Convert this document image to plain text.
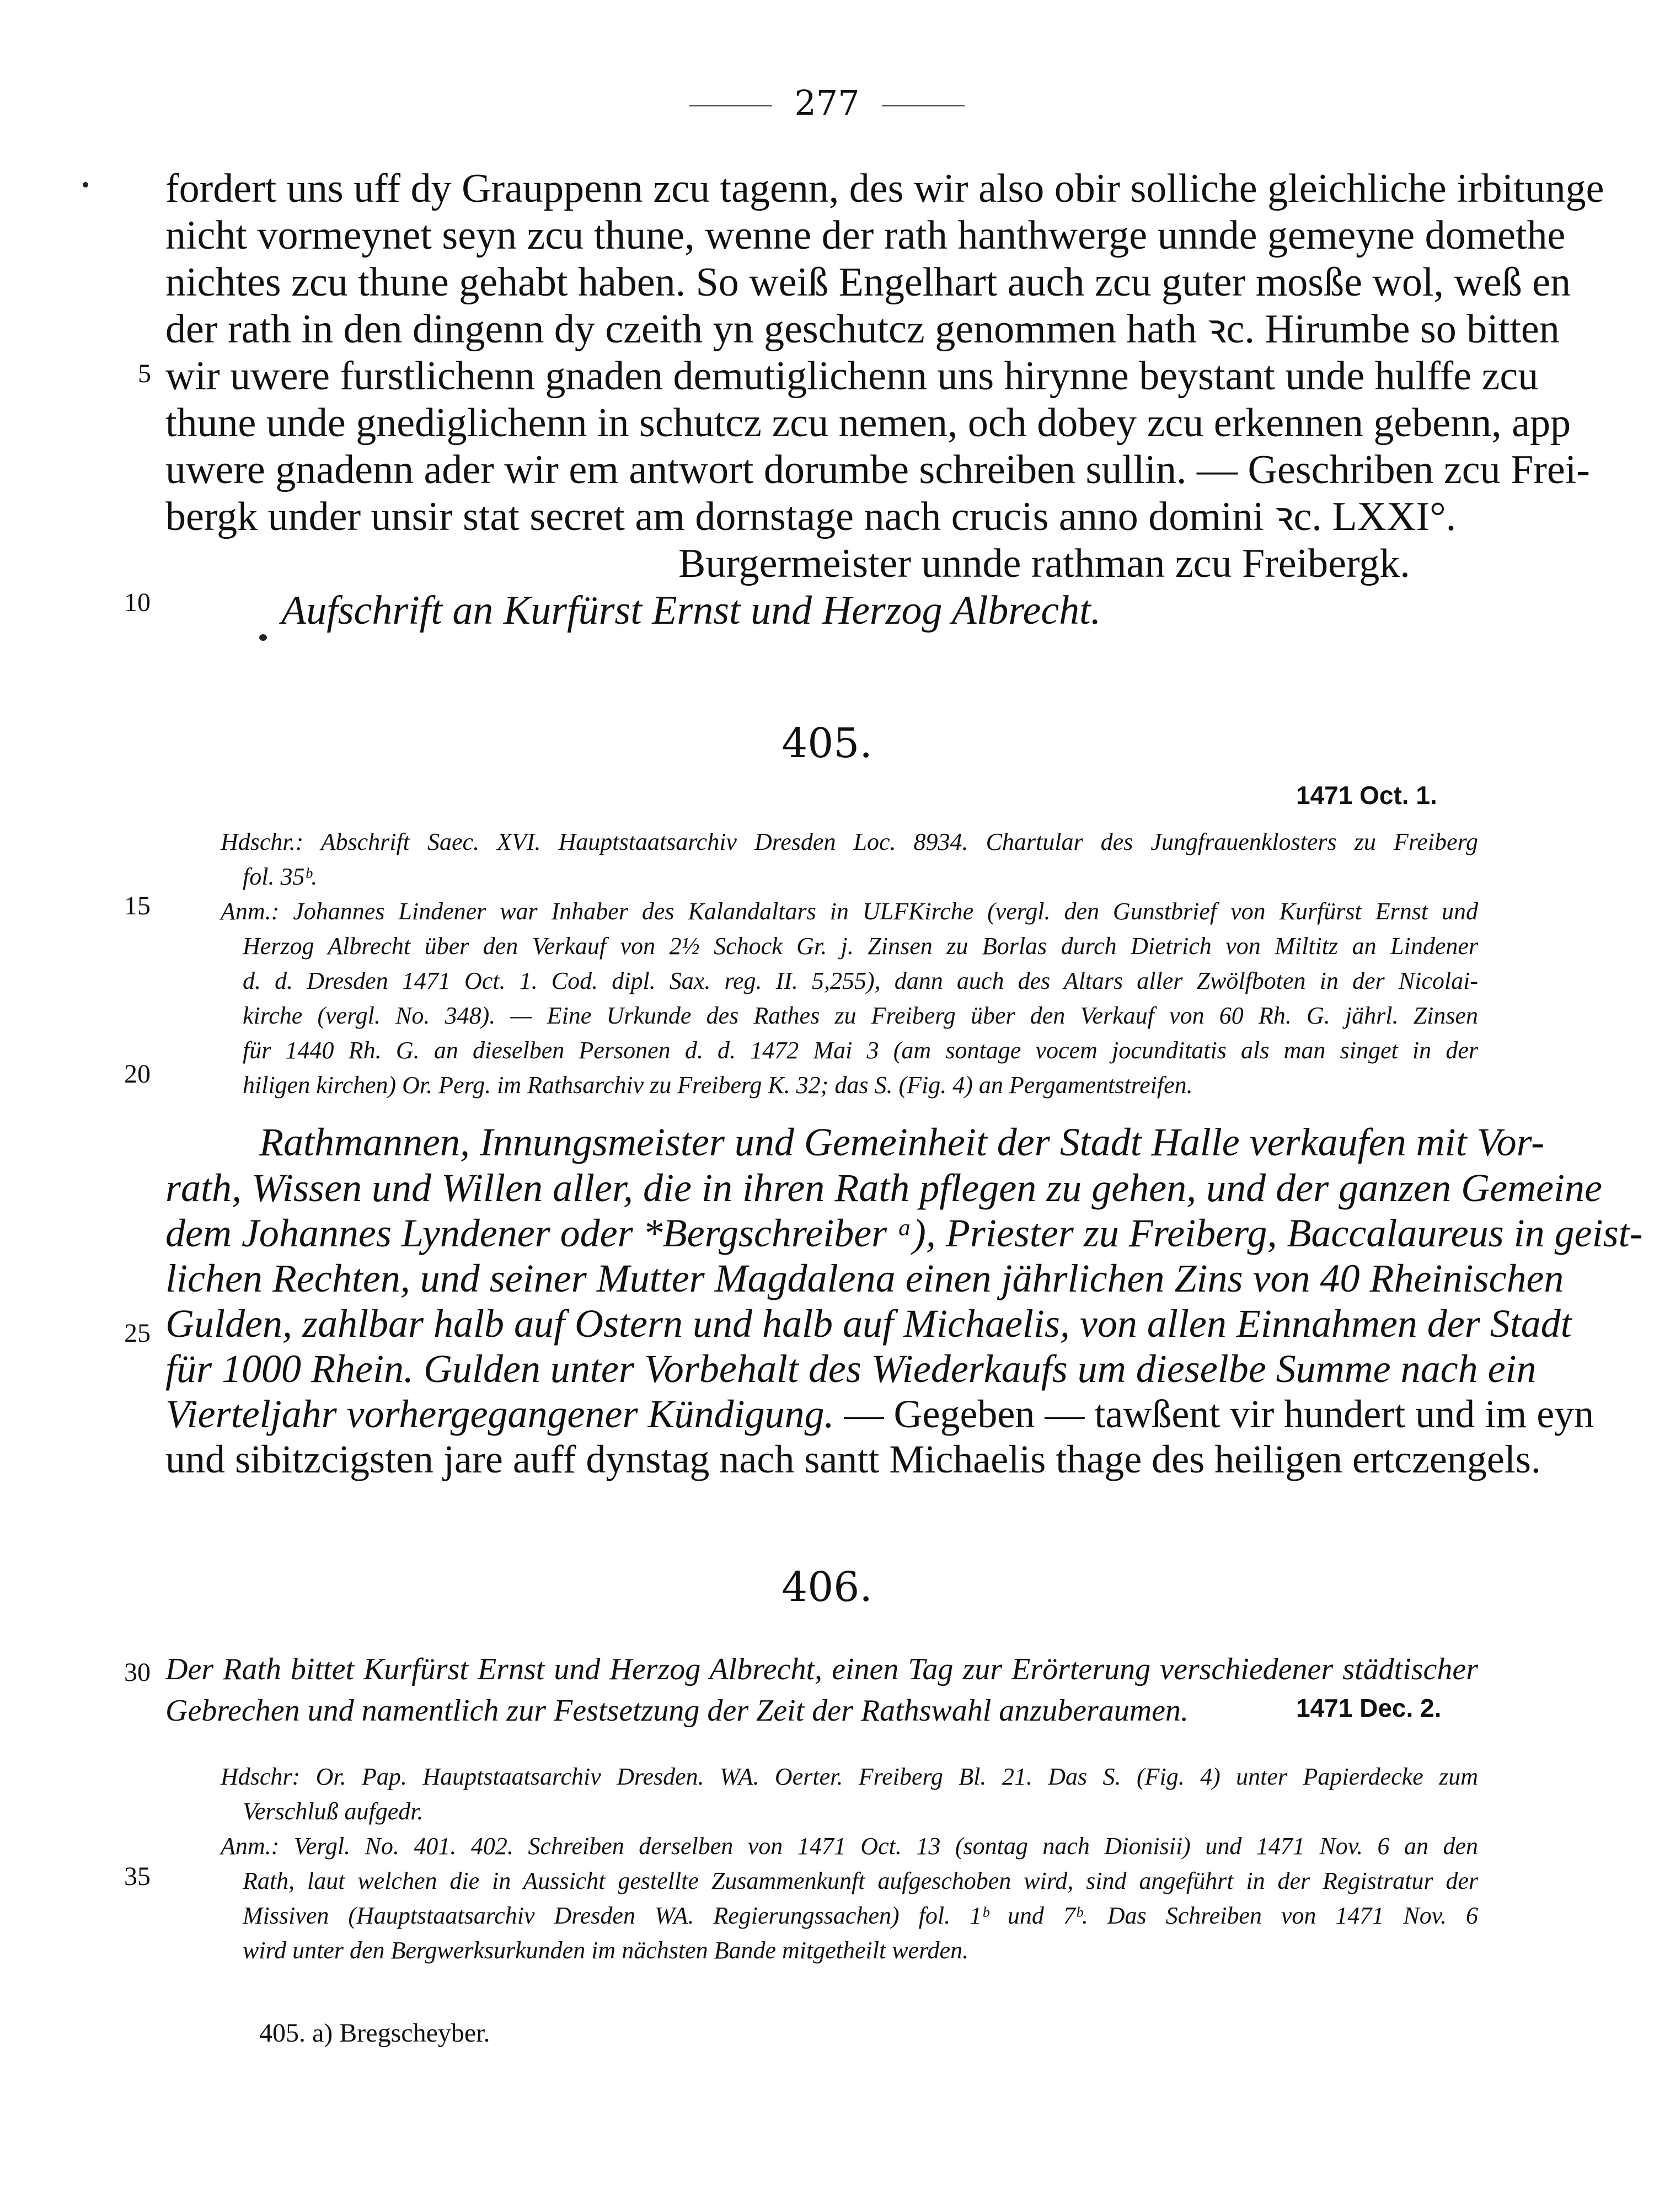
277
fordert uns uff dy Grauppenn zcu tagenn, des wir also obir solliche gleichliche irbitunge
nicht vormeynet seyn zcu thune, wenne der rath hanthwerge unnde gemeyne domethe
nichtes zcu thune gehabt haben. So weiß Engelhart auch zcu guter mosße wol, weß en
der rath in den dingenn dy czeith yn geschutcz genommen hath ꝛc. Hirumbe so bitten
wir uwere furstlichenn gnaden demutiglichenn uns hirynne beystant unde hulffe zcu
thune unde gnediglichenn in schutcz zcu nemen, och dobey zcu erkennen gebenn, app
uwere gnadenn ader wir em antwort dorumbe schreiben sullin. — Geschriben zcu Frei-
bergk under unsir stat secret am dornstage nach crucis anno domini ꝛc. LXXI°.
Burgermeister unnde rathman zcu Freibergk.
Aufschrift an Kurfürst Ernst und Herzog Albrecht.
5
10
15
20
25
30
35
405.
1471 Oct. 1.
Hdschr.: Abschrift Saec. XVI. Hauptstaatsarchiv Dresden Loc. 8934. Chartular des Jungfrauenklosters zu Freiberg
fol. 35ᵇ.
Anm.: Johannes Lindener war Inhaber des Kalandaltars in ULFKirche (vergl. den Gunstbrief von Kurfürst Ernst und
Herzog Albrecht über den Verkauf von 2½ Schock Gr. j. Zinsen zu Borlas durch Dietrich von Miltitz an Lindener
d. d. Dresden 1471 Oct. 1. Cod. dipl. Sax. reg. II. 5,255), dann auch des Altars aller Zwölfboten in der Nicolai-
kirche (vergl. No. 348). — Eine Urkunde des Rathes zu Freiberg über den Verkauf von 60 Rh. G. jährl. Zinsen
für 1440 Rh. G. an dieselben Personen d. d. 1472 Mai 3 (am sontage vocem jocunditatis als man singet in der
hiligen kirchen) Or. Perg. im Rathsarchiv zu Freiberg K. 32; das S. (Fig. 4) an Pergamentstreifen.
Rathmannen, Innungsmeister und Gemeinheit der Stadt Halle verkaufen mit Vor-
rath, Wissen und Willen aller, die in ihren Rath pflegen zu gehen, und der ganzen Gemeine
dem Johannes Lyndener oder *Bergschreiber ᵃ), Priester zu Freiberg, Baccalaureus in geist-
lichen Rechten, und seiner Mutter Magdalena einen jährlichen Zins von 40 Rheinischen
Gulden, zahlbar halb auf Ostern und halb auf Michaelis, von allen Einnahmen der Stadt
für 1000 Rhein. Gulden unter Vorbehalt des Wiederkaufs um dieselbe Summe nach ein
Vierteljahr vorhergegangener Kündigung. — Gegeben — tawßent vir hundert und im eyn
und sibitzcigsten jare auff dynstag nach santt Michaelis thage des heiligen ertczengels.
406.
Der Rath bittet Kurfürst Ernst und Herzog Albrecht, einen Tag zur Erörterung verschiedener städtischer
Gebrechen und namentlich zur Festsetzung der Zeit der Rathswahl anzuberaumen.	1471 Dec. 2.
Hdschr: Or. Pap. Hauptstaatsarchiv Dresden. WA. Oerter. Freiberg Bl. 21. Das S. (Fig. 4) unter Papierdecke zum
Verschluß aufgedr.
Anm.: Vergl. No. 401. 402. Schreiben derselben von 1471 Oct. 13 (sontag nach Dionisii) und 1471 Nov. 6 an den
Rath, laut welchen die in Aussicht gestellte Zusammenkunft aufgeschoben wird, sind angeführt in der Registratur der
Missiven (Hauptstaatsarchiv Dresden WA. Regierungssachen) fol. 1ᵇ und 7ᵇ. Das Schreiben von 1471 Nov. 6
wird unter den Bergwerksurkunden im nächsten Bande mitgetheilt werden.
405. a) Bregscheyber.
